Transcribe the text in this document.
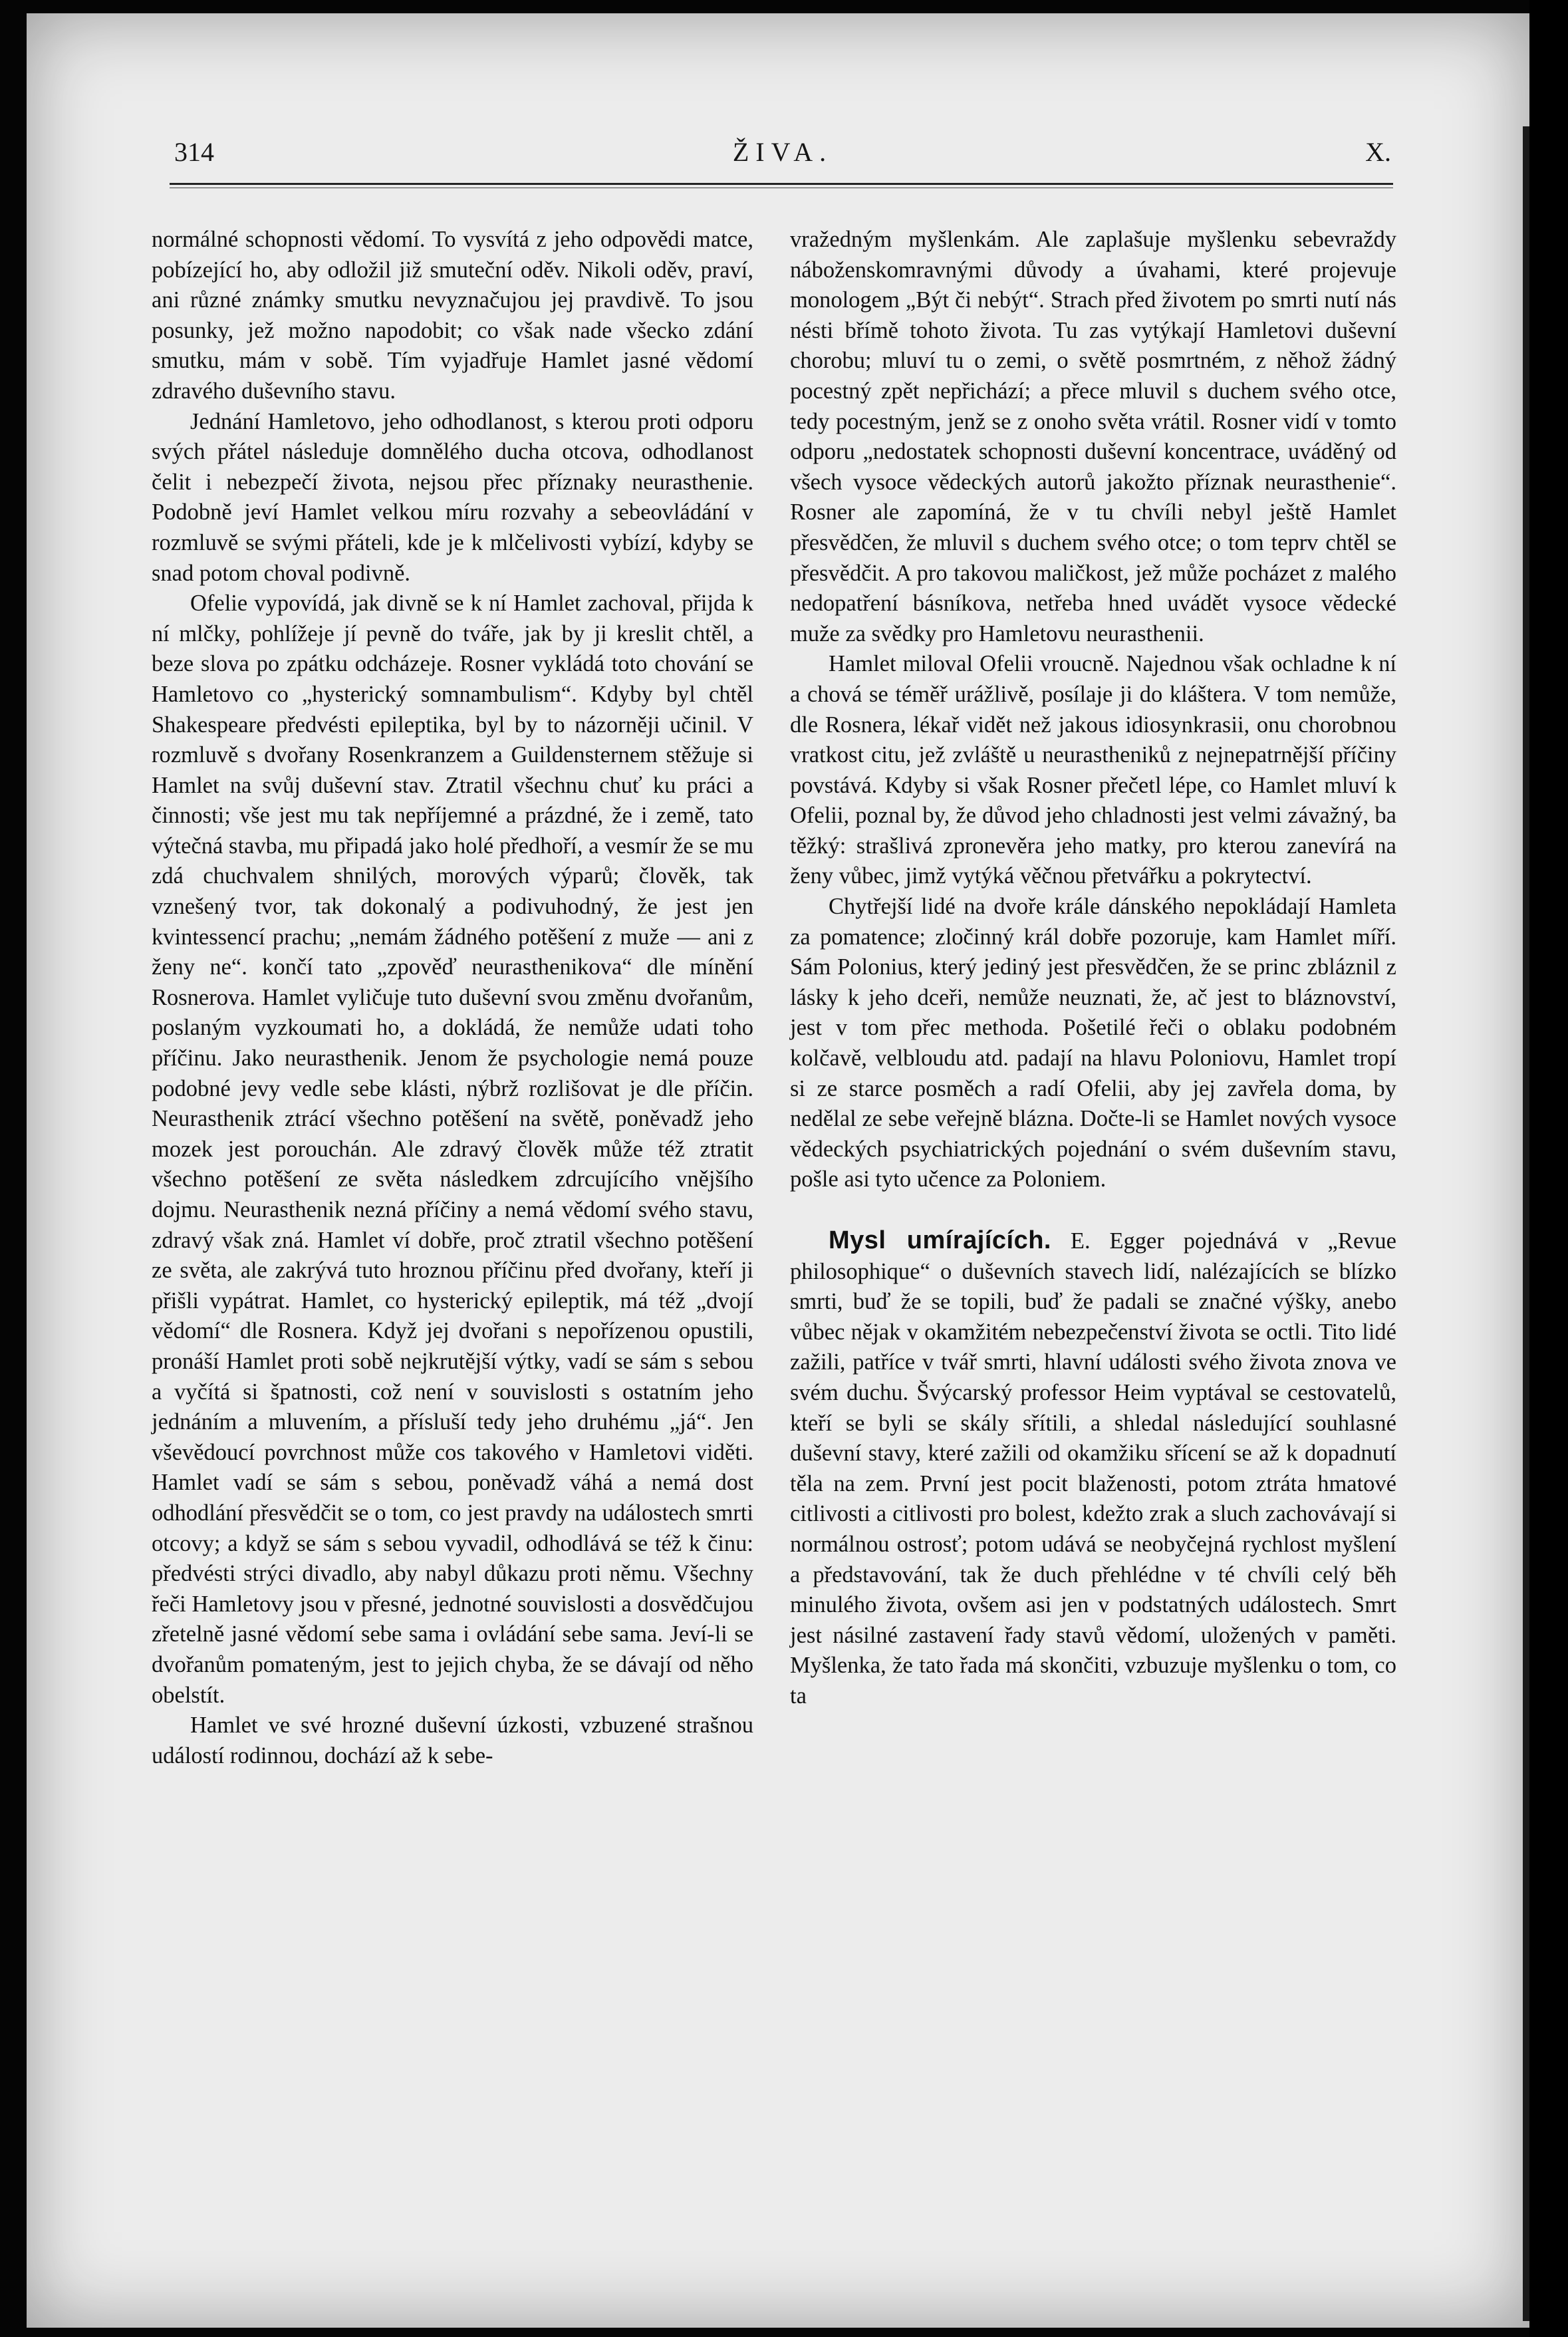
314	ŽIVA.	X.

normálné schopnosti vědomí. To vysvítá z jeho odpovědi matce, pobízející ho, aby odložil již smuteční oděv. Nikoli oděv, praví, ani různé známky smutku nevyznačujou jej pravdivě. To jsou posunky, jež možno napodobit; co však nade všecko zdání smutku, mám v sobě. Tím vyjadřuje Hamlet jasné vědomí zdravého duševního stavu.

Jednání Hamletovo, jeho odhodlanost, s kterou proti odporu svých přátel následuje domnělého ducha otcova, odhodlanost čelit i nebezpečí života, nejsou přec příznaky neurasthenie. Podobně jeví Hamlet velkou míru rozvahy a sebeovládání v rozmluvě se svými přáteli, kde je k mlčelivosti vybízí, kdyby se snad potom choval podivně.

Ofelie vypovídá, jak divně se k ní Hamlet zachoval, přijda k ní mlčky, pohlížeje jí pevně do tváře, jak by ji kreslit chtěl, a beze slova po zpátku odcházeje. Rosner vykládá toto chování se Hamletovo co „hysterický somnambulism“. Kdyby byl chtěl Shakespeare předvésti epileptika, byl by to názorněji učinil. V rozmluvě s dvořany Rosenkranzem a Guildensternem stěžuje si Hamlet na svůj duševní stav. Ztratil všechnu chuť ku práci a činnosti; vše jest mu tak nepříjemné a prázdné, že i země, tato výtečná stavba, mu připadá jako holé předhoří, a vesmír že se mu zdá chuchvalem shnilých, morových výparů; člověk, tak vznešený tvor, tak dokonalý a podivuhodný, že jest jen kvintessencí prachu; „nemám žádného potěšení z muže — ani z ženy ne“. končí tato „zpověď neurasthenikova“ dle mínění Rosnerova. Hamlet vyličuje tuto duševní svou změnu dvořanům, poslaným vyzkoumati ho, a dokládá, že nemůže udati toho příčinu. Jako neurasthenik. Jenom že psychologie nemá pouze podobné jevy vedle sebe klásti, nýbrž rozlišovat je dle příčin. Neurasthenik ztrácí všechno potěšení na světě, poněvadž jeho mozek jest porouchán. Ale zdravý člověk může též ztratit všechno potěšení ze světa následkem zdrcujícího vnějšího dojmu. Neurasthenik nezná příčiny a nemá vědomí svého stavu, zdravý však zná. Hamlet ví dobře, proč ztratil všechno potěšení ze světa, ale zakrývá tuto hroznou příčinu před dvořany, kteří ji přišli vypátrat. Hamlet, co hysterický epileptik, má též „dvojí vědomí“ dle Rosnera. Když jej dvořani s nepořízenou opustili, pronáší Hamlet proti sobě nejkrutější výtky, vadí se sám s sebou a vyčítá si špatnosti, což není v souvislosti s ostatním jeho jednáním a mluvením, a přísluší tedy jeho druhému „já“. Jen vševědoucí povrchnost může cos takového v Hamletovi viděti. Hamlet vadí se sám s sebou, poněvadž váhá a nemá dost odhodlání přesvědčit se o tom, co jest pravdy na událostech smrti otcovy; a když se sám s sebou vyvadil, odhodlává se též k činu: předvésti strýci divadlo, aby nabyl důkazu proti němu. Všechny řeči Hamletovy jsou v přesné, jednotné souvislosti a dosvědčujou zřetelně jasné vědomí sebe sama i ovládání sebe sama. Jeví-li se dvořanům pomateným, jest to jejich chyba, že se dávají od něho obelstít.

Hamlet ve své hrozné duševní úzkosti, vzbuzené strašnou událostí rodinnou, dochází až k sebe-

vražedným myšlenkám. Ale zaplašuje myšlenku sebevraždy náboženskomravnými důvody a úvahami, které projevuje monologem „Být či nebýt“. Strach před životem po smrti nutí nás nésti břímě tohoto života. Tu zas vytýkají Hamletovi duševní chorobu; mluví tu o zemi, o světě posmrtném, z něhož žádný pocestný zpět nepřichází; a přece mluvil s duchem svého otce, tedy pocestným, jenž se z onoho světa vrátil. Rosner vidí v tomto odporu „nedostatek schopnosti duševní koncentrace, uváděný od všech vysoce vědeckých autorů jakožto příznak neurasthenie“. Rosner ale zapomíná, že v tu chvíli nebyl ještě Hamlet přesvědčen, že mluvil s duchem svého otce; o tom teprv chtěl se přesvědčit. A pro takovou maličkost, jež může pocházet z malého nedopatření básníkova, netřeba hned uvádět vysoce vědecké muže za svědky pro Hamletovu neurasthenii.

Hamlet miloval Ofelii vroucně. Najednou však ochladne k ní a chová se téměř urážlivě, posílaje ji do kláštera. V tom nemůže, dle Rosnera, lékař vidět než jakous idiosynkrasii, onu chorobnou vratkost citu, jež zvláště u neurastheniků z nejnepatrnější příčiny povstává. Kdyby si však Rosner přečetl lépe, co Hamlet mluví k Ofelii, poznal by, že důvod jeho chladnosti jest velmi závažný, ba těžký: strašlivá zpronevěra jeho matky, pro kterou zanevírá na ženy vůbec, jimž vytýká věčnou přetvářku a pokrytectví.

Chytřejší lidé na dvoře krále dánského nepokládají Hamleta za pomatence; zločinný král dobře pozoruje, kam Hamlet míří. Sám Polonius, který jediný jest přesvědčen, že se princ zbláznil z lásky k jeho dceři, nemůže neuznati, že, ač jest to bláznovství, jest v tom přec methoda. Pošetilé řeči o oblaku podobném kolčavě, velbloudu atd. padají na hlavu Poloniovu, Hamlet tropí si ze starce posměch a radí Ofelii, aby jej zavřela doma, by nedělal ze sebe veřejně blázna. Dočte-li se Hamlet nových vysoce vědeckých psychiatrických pojednání o svém duševním stavu, pošle asi tyto učence za Poloniem.

Mysl umírajících. E. Egger pojednává v „Revue philosophique“ o duševních stavech lidí, nalézajících se blízko smrti, buď že se topili, buď že padali se značné výšky, anebo vůbec nějak v okamžitém nebezpečenství života se octli. Tito lidé zažili, patříce v tvář smrti, hlavní události svého života znova ve svém duchu. Švýcarský professor Heim vyptával se cestovatelů, kteří se byli se skály sřítili, a shledal následující souhlasné duševní stavy, které zažili od okamžiku sřícení se až k dopadnutí těla na zem. První jest pocit blaženosti, potom ztráta hmatové citlivosti a citlivosti pro bolest, kdežto zrak a sluch zachovávají si normálnou ostrosť; potom udává se neobyčejná rychlost myšlení a představování, tak že duch přehlédne v té chvíli celý běh minulého života, ovšem asi jen v podstatných událostech. Smrt jest násilné zastavení řady stavů vědomí, uložených v paměti. Myšlenka, že tato řada má skončiti, vzbuzuje myšlenku o tom, co ta
